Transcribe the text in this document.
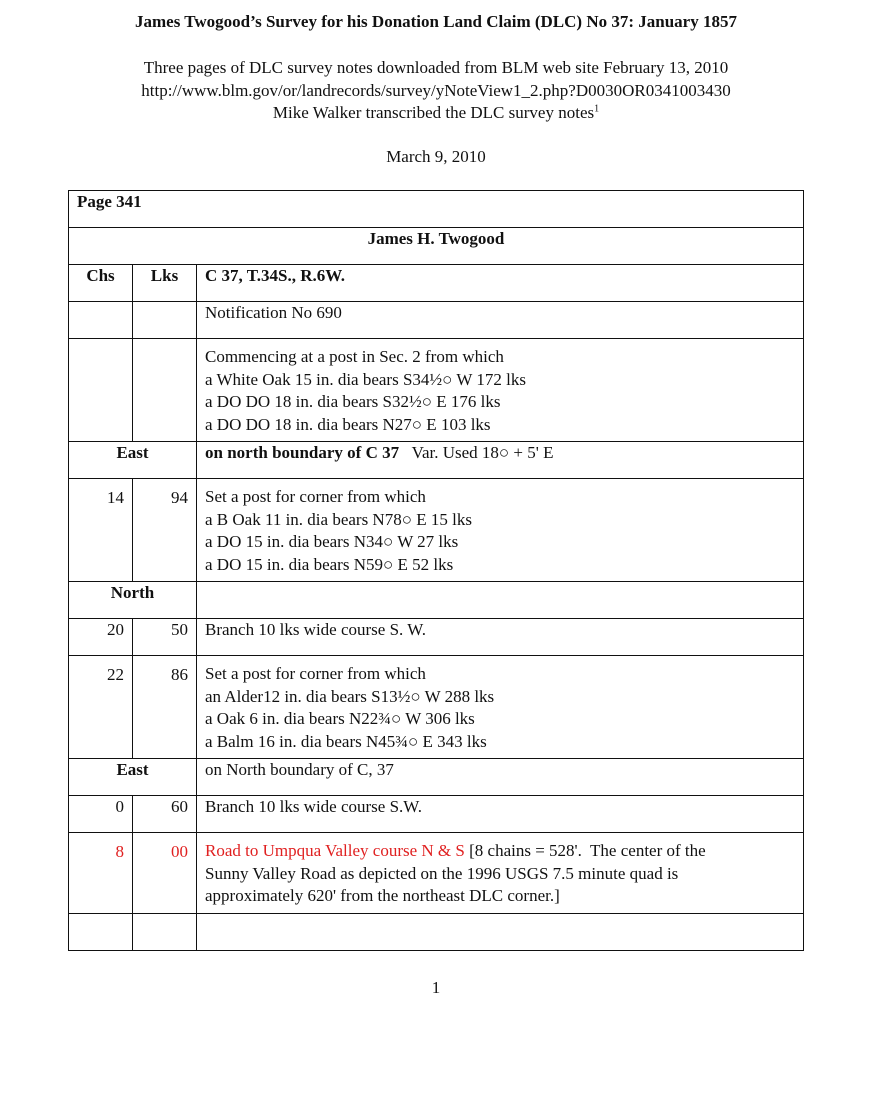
James Twogood’s Survey for his Donation Land Claim (DLC) No 37: January 1857
Three pages of DLC survey notes downloaded from BLM web site February 13, 2010
http://www.blm.gov/or/landrecords/survey/yNoteView1_2.php?D0030OR0341003430
Mike Walker transcribed the DLC survey notes$^1$
March 9, 2010
Page 341		
James H. Twogood		
Chs	Lks	C 37, T.34S., R.6W.
		Notification No 690

		Commencing at a post in Sec. 2 from which
a White Oak 15 in. dia bears S34½○ W 172 lks
a DO DO 18 in. dia bears S32½○ E 176 lks
a DO DO 18 in. dia bears N27○ E 103 lks

East		on north boundary of C 37   Var. Used 18○ + 5' E
14	94	Set a post for corner from which
a B Oak 11 in. dia bears N78○ E 15 lks
a DO 15 in. dia bears N34○ W 27 lks
a DO 15 in. dia bears N59○ E 52 lks

North		
20	50	Branch 10 lks wide course S. W.
22	86	Set a post for corner from which
an Alder12 in. dia bears S13½○ W 288 lks
a Oak 6 in. dia bears N22¾○ W 306 lks
a Balm 16 in. dia bears N45¾○ E 343 lks

East		on North boundary of C, 37
0	60	Branch 10 lks wide course S.W.
8	00	Road to Umpqua Valley course N & S [8 chains = 528'.  The center of the
Sunny Valley Road as depicted on the 1996 USGS 7.5 minute quad is
approximately 620' from the northeast DLC corner.]

1
